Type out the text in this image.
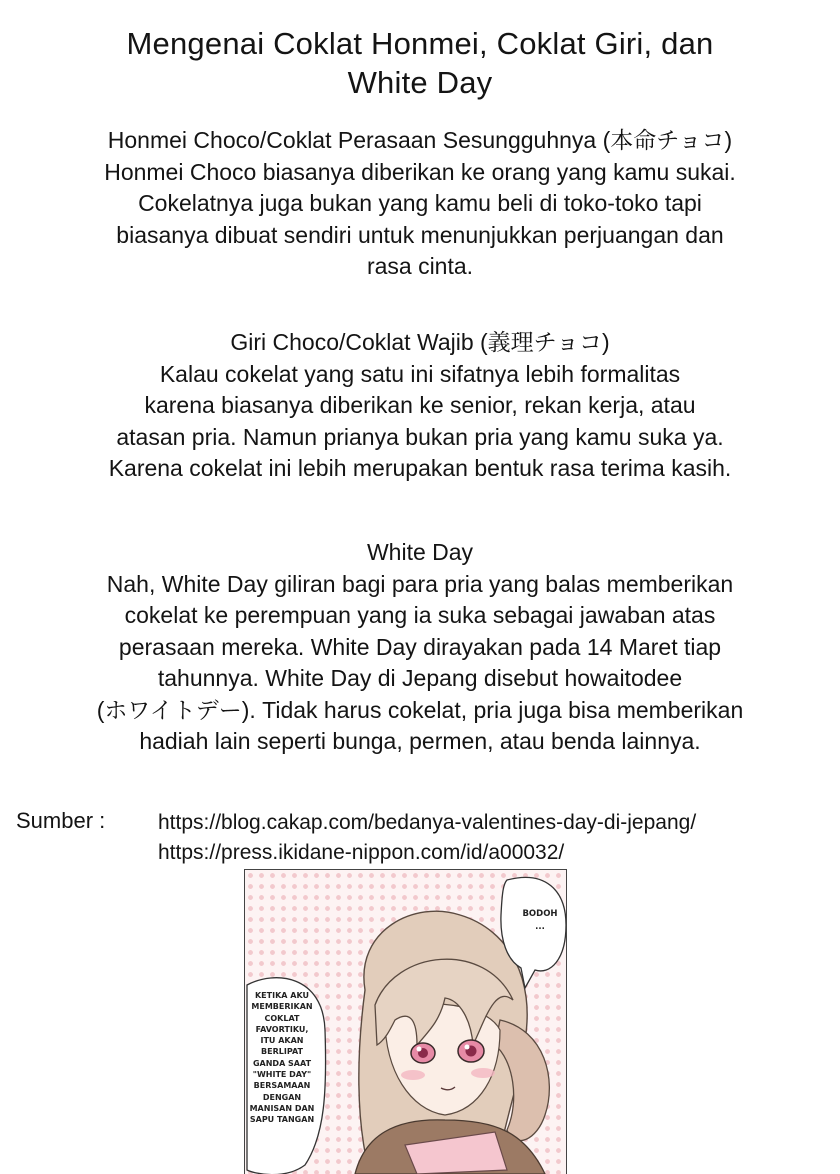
Mengenai Coklat Honmei, Coklat Giri, dan
White Day

Honmei Choco/Coklat Perasaan Sesungguhnya (本命チョコ)

Honmei Choco biasanya diberikan ke orang yang kamu sukai.

Cokelatnya juga bukan yang kamu beli di toko-toko tapi

biasanya dibuat sendiri untuk menunjukkan perjuangan dan

rasa cinta.

Giri Choco/Coklat Wajib (義理チョコ)

Kalau cokelat yang satu ini sifatnya lebih formalitas

karena biasanya diberikan ke senior, rekan kerja, atau

atasan pria. Namun prianya bukan pria yang kamu suka ya.

Karena cokelat ini lebih merupakan bentuk rasa terima kasih.

White Day

Nah, White Day giliran bagi para pria yang balas memberikan

cokelat ke perempuan yang ia suka sebagai jawaban atas

perasaan mereka. White Day dirayakan pada 14 Maret tiap

tahunnya. White Day di Jepang disebut howaitodee

(ホワイトデー). Tidak harus cokelat, pria juga bisa memberikan

hadiah lain seperti bunga, permen, atau benda lainnya.

Sumber :	https://blog.cakap.com/bedanya-valentines-day-di-jepang/
https://press.ikidane-nippon.com/id/a00032/
BODOH
...
KETIKA AKU
MEMBERIKAN
COKLAT
FAVORTIKU,
ITU AKAN
BERLIPAT
GANDA SAAT
"WHITE DAY"
BERSAMAAN
DENGAN
MANISAN DAN
SAPU TANGAN
